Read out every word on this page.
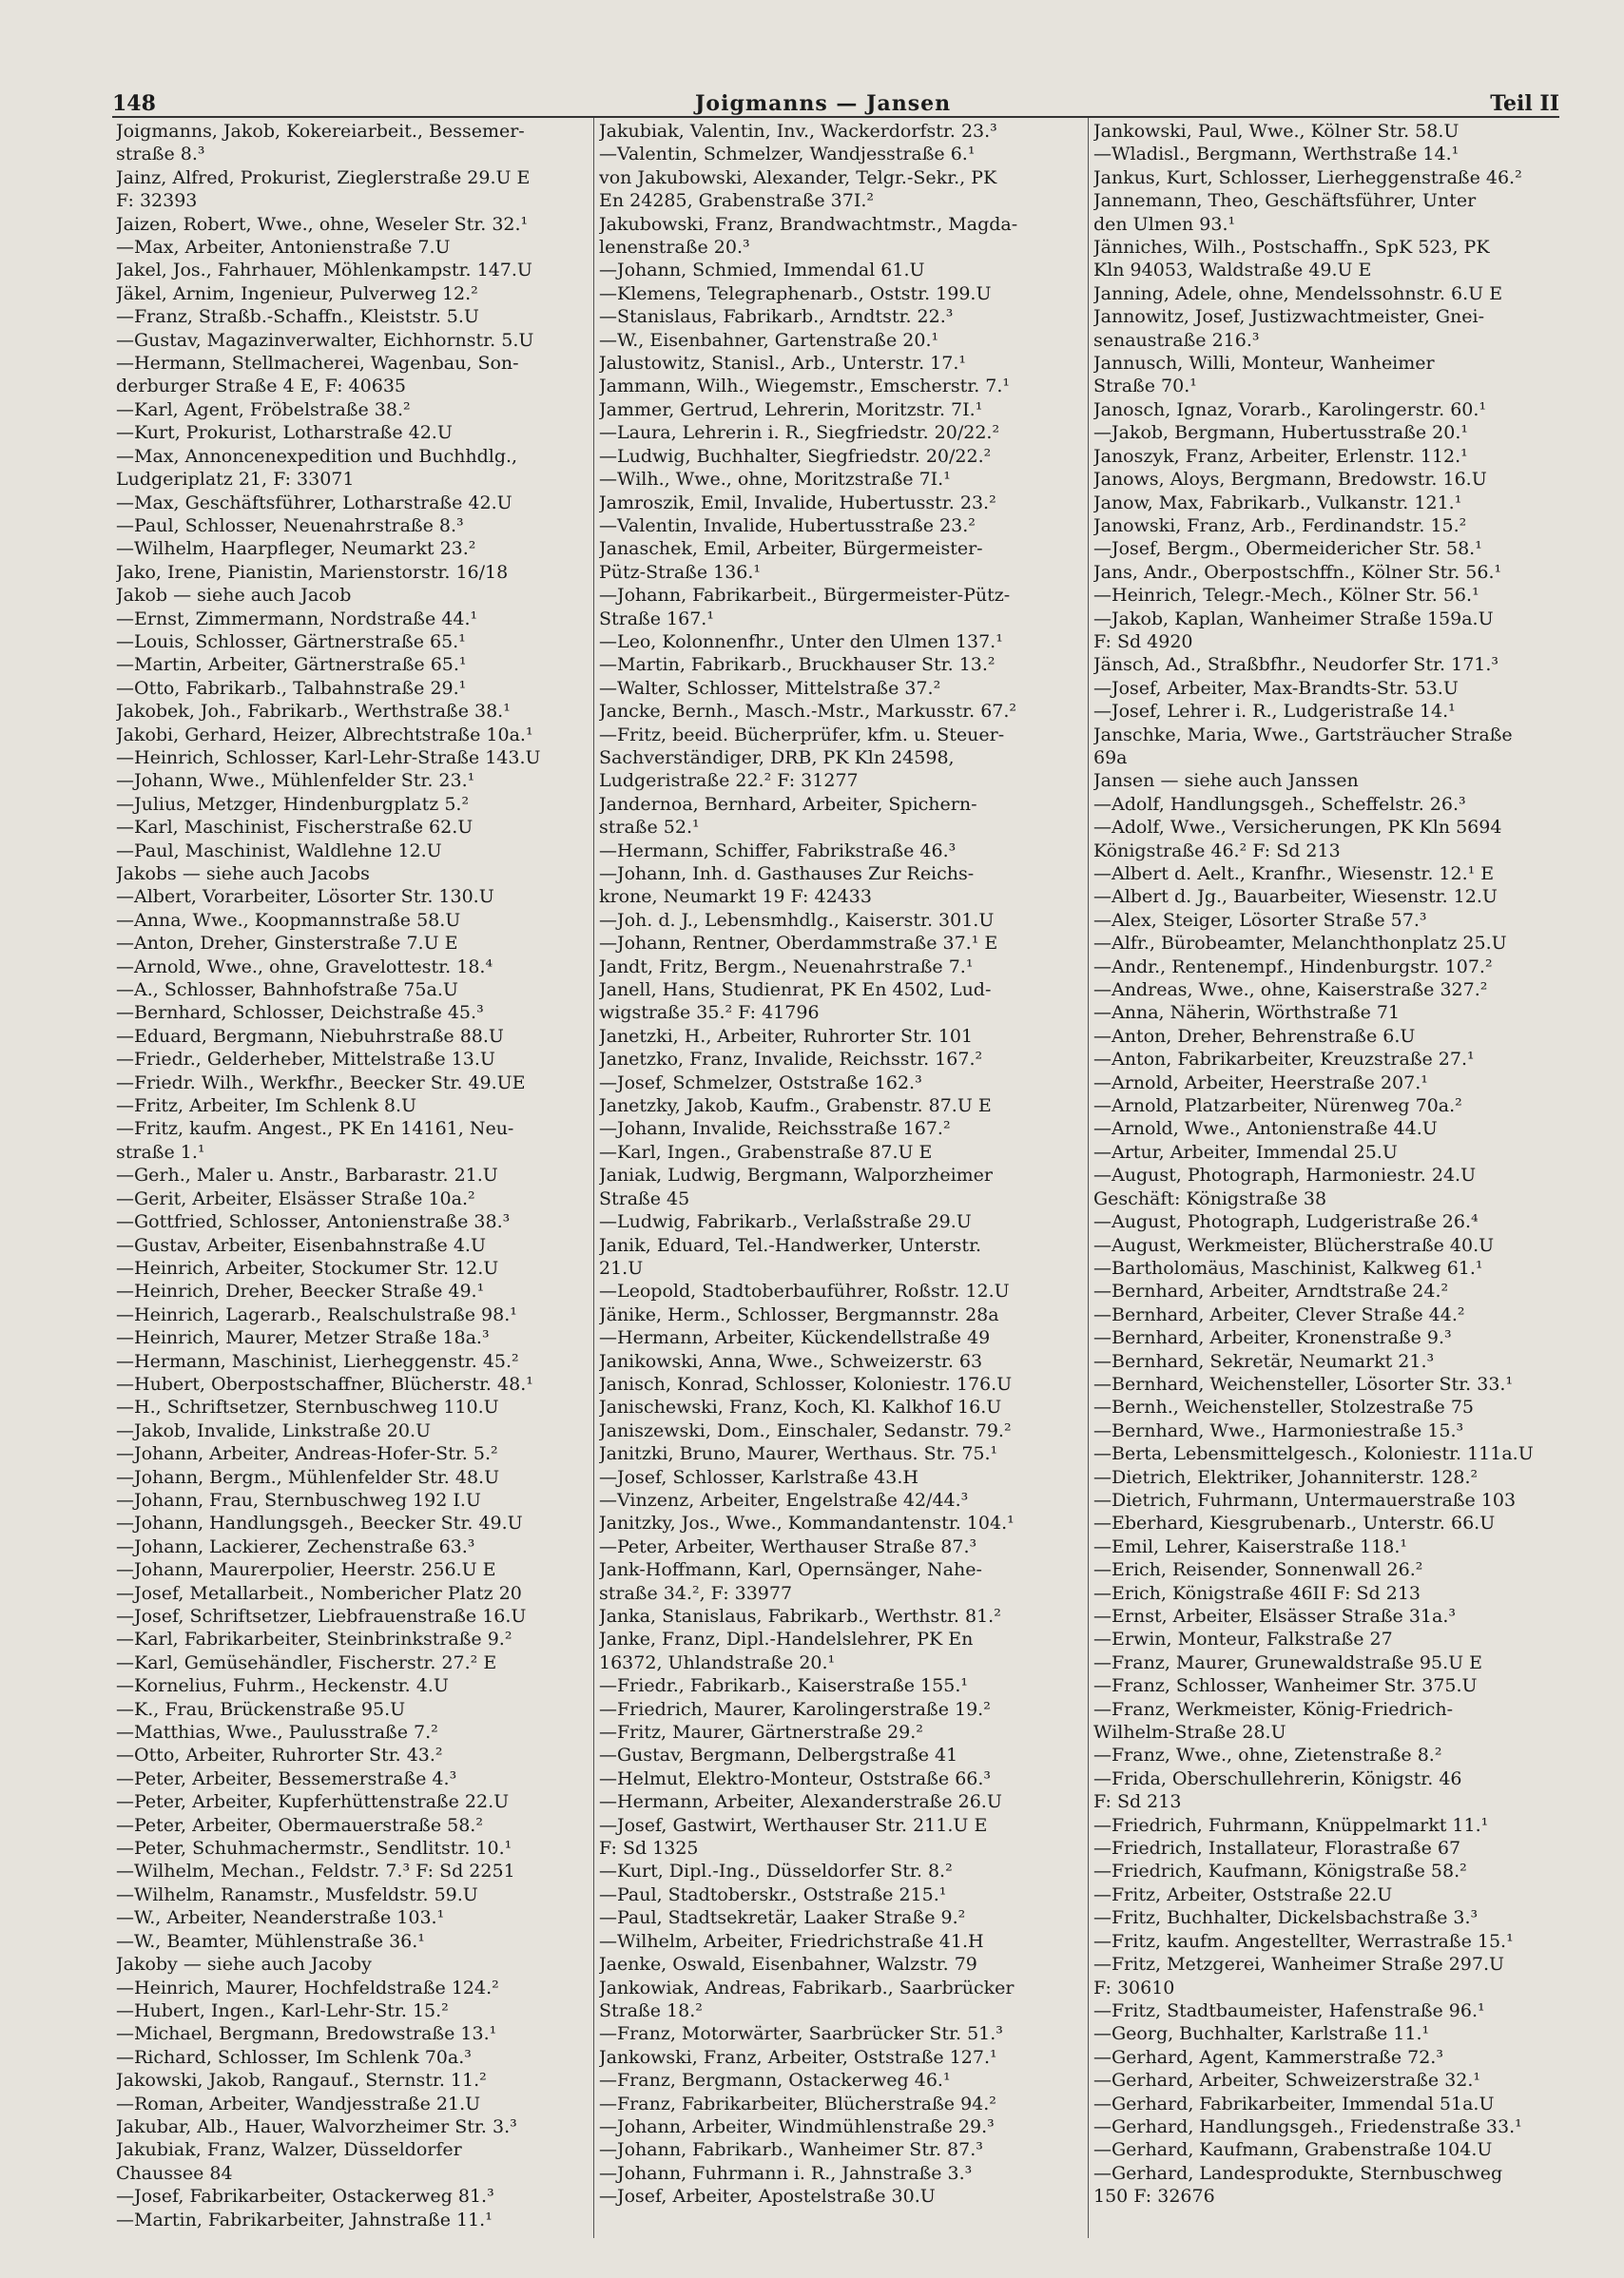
148	Joigmanns — Jansen	Teil II
Joigmanns, Jakob, Kokereiarbeit., Bessemer-
straße 8.³
Jainz, Alfred, Prokurist, Zieglerstraße 29.U E
F: 32393
Jaizen, Robert, Wwe., ohne, Weseler Str. 32.¹
—Max, Arbeiter, Antonienstraße 7.U
Jakel, Jos., Fahrhauer, Möhlenkampstr. 147.U
Jäkel, Arnim, Ingenieur, Pulverweg 12.²
—Franz, Straßb.-Schaffn., Kleiststr. 5.U
—Gustav, Magazinverwalter, Eichhornstr. 5.U
—Hermann, Stellmacherei, Wagenbau, Son-
derburger Straße 4 E, F: 40635
—Karl, Agent, Fröbelstraße 38.²
—Kurt, Prokurist, Lotharstraße 42.U
—Max, Annoncenexpedition und Buchhdlg.,
Ludgeriplatz 21, F: 33071
—Max, Geschäftsführer, Lotharstraße 42.U
—Paul, Schlosser, Neuenahrstraße 8.³
—Wilhelm, Haarpfleger, Neumarkt 23.²
Jako, Irene, Pianistin, Marienstorstr. 16/18
Jakob — siehe auch Jacob
—Ernst, Zimmermann, Nordstraße 44.¹
—Louis, Schlosser, Gärtnerstraße 65.¹
—Martin, Arbeiter, Gärtnerstraße 65.¹
—Otto, Fabrikarb., Talbahnstraße 29.¹
Jakobek, Joh., Fabrikarb., Werthstraße 38.¹
Jakobi, Gerhard, Heizer, Albrechtstraße 10a.¹
—Heinrich, Schlosser, Karl-Lehr-Straße 143.U
—Johann, Wwe., Mühlenfelder Str. 23.¹
—Julius, Metzger, Hindenburgplatz 5.²
—Karl, Maschinist, Fischerstraße 62.U
—Paul, Maschinist, Waldlehne 12.U
Jakobs — siehe auch Jacobs
—Albert, Vorarbeiter, Lösorter Str. 130.U
—Anna, Wwe., Koopmannstraße 58.U
—Anton, Dreher, Ginsterstraße 7.U E
—Arnold, Wwe., ohne, Gravelottestr. 18.⁴
—A., Schlosser, Bahnhofstraße 75a.U
—Bernhard, Schlosser, Deichstraße 45.³
—Eduard, Bergmann, Niebuhrstraße 88.U
—Friedr., Gelderheber, Mittelstraße 13.U
—Friedr. Wilh., Werkfhr., Beecker Str. 49.UE
—Fritz, Arbeiter, Im Schlenk 8.U
—Fritz, kaufm. Angest., PK En 14161, Neu-
straße 1.¹
—Gerh., Maler u. Anstr., Barbarastr. 21.U
—Gerit, Arbeiter, Elsässer Straße 10a.²
—Gottfried, Schlosser, Antonienstraße 38.³
—Gustav, Arbeiter, Eisenbahnstraße 4.U
—Heinrich, Arbeiter, Stockumer Str. 12.U
—Heinrich, Dreher, Beecker Straße 49.¹
—Heinrich, Lagerarb., Realschulstraße 98.¹
—Heinrich, Maurer, Metzer Straße 18a.³
—Hermann, Maschinist, Lierheggenstr. 45.²
—Hubert, Oberpostschaffner, Blücherstr. 48.¹
—H., Schriftsetzer, Sternbuschweg 110.U
—Jakob, Invalide, Linkstraße 20.U
—Johann, Arbeiter, Andreas-Hofer-Str. 5.²
—Johann, Bergm., Mühlenfelder Str. 48.U
—Johann, Frau, Sternbuschweg 192 I.U
—Johann, Handlungsgeh., Beecker Str. 49.U
—Johann, Lackierer, Zechenstraße 63.³
—Johann, Maurerpolier, Heerstr. 256.U E
—Josef, Metallarbeit., Nombericher Platz 20
—Josef, Schriftsetzer, Liebfrauenstraße 16.U
—Karl, Fabrikarbeiter, Steinbrinkstraße 9.²
—Karl, Gemüsehändler, Fischerstr. 27.² E
—Kornelius, Fuhrm., Heckenstr. 4.U
—K., Frau, Brückenstraße 95.U
—Matthias, Wwe., Paulusstraße 7.²
—Otto, Arbeiter, Ruhrorter Str. 43.²
—Peter, Arbeiter, Bessemerstraße 4.³
—Peter, Arbeiter, Kupferhüttenstraße 22.U
—Peter, Arbeiter, Obermauerstraße 58.²
—Peter, Schuhmachermstr., Sendlitstr. 10.¹
—Wilhelm, Mechan., Feldstr. 7.³ F: Sd 2251
—Wilhelm, Ranamstr., Musfeldstr. 59.U
—W., Arbeiter, Neanderstraße 103.¹
—W., Beamter, Mühlenstraße 36.¹
Jakoby — siehe auch Jacoby
—Heinrich, Maurer, Hochfeldstraße 124.²
—Hubert, Ingen., Karl-Lehr-Str. 15.²
—Michael, Bergmann, Bredowstraße 13.¹
—Richard, Schlosser, Im Schlenk 70a.³
Jakowski, Jakob, Rangauf., Sternstr. 11.²
—Roman, Arbeiter, Wandjesstraße 21.U
Jakubar, Alb., Hauer, Walvorzheimer Str. 3.³
Jakubiak, Franz, Walzer, Düsseldorfer
Chaussee 84
—Josef, Fabrikarbeiter, Ostackerweg 81.³
—Martin, Fabrikarbeiter, Jahnstraße 11.¹
Jakubiak, Valentin, Inv., Wackerdorfstr. 23.³
—Valentin, Schmelzer, Wandjesstraße 6.¹
von Jakubowski, Alexander, Telgr.-Sekr., PK
En 24285, Grabenstraße 37I.²
Jakubowski, Franz, Brandwachtmstr., Magda-
lenenstraße 20.³
—Johann, Schmied, Immendal 61.U
—Klemens, Telegraphenarb., Oststr. 199.U
—Stanislaus, Fabrikarb., Arndtstr. 22.³
—W., Eisenbahner, Gartenstraße 20.¹
Jalustowitz, Stanisl., Arb., Unterstr. 17.¹
Jammann, Wilh., Wiegemstr., Emscherstr. 7.¹
Jammer, Gertrud, Lehrerin, Moritzstr. 7I.¹
—Laura, Lehrerin i. R., Siegfriedstr. 20/22.²
—Ludwig, Buchhalter, Siegfriedstr. 20/22.²
—Wilh., Wwe., ohne, Moritzstraße 7I.¹
Jamroszik, Emil, Invalide, Hubertusstr. 23.²
—Valentin, Invalide, Hubertusstraße 23.²
Janaschek, Emil, Arbeiter, Bürgermeister-
Pütz-Straße 136.¹
—Johann, Fabrikarbeit., Bürgermeister-Pütz-
Straße 167.¹
—Leo, Kolonnenfhr., Unter den Ulmen 137.¹
—Martin, Fabrikarb., Bruckhauser Str. 13.²
—Walter, Schlosser, Mittelstraße 37.²
Jancke, Bernh., Masch.-Mstr., Markusstr. 67.²
—Fritz, beeid. Bücherprüfer, kfm. u. Steuer-
Sachverständiger, DRB, PK Kln 24598,
Ludgeristraße 22.² F: 31277
Jandernoa, Bernhard, Arbeiter, Spichern-
straße 52.¹
—Hermann, Schiffer, Fabrikstraße 46.³
—Johann, Inh. d. Gasthauses Zur Reichs-
krone, Neumarkt 19 F: 42433
—Joh. d. J., Lebensmhdlg., Kaiserstr. 301.U
—Johann, Rentner, Oberdammstraße 37.¹ E
Jandt, Fritz, Bergm., Neuenahrstraße 7.¹
Janell, Hans, Studienrat, PK En 4502, Lud-
wigstraße 35.² F: 41796
Janetzki, H., Arbeiter, Ruhrorter Str. 101
Janetzko, Franz, Invalide, Reichsstr. 167.²
—Josef, Schmelzer, Oststraße 162.³
Janetzky, Jakob, Kaufm., Grabenstr. 87.U E
—Johann, Invalide, Reichsstraße 167.²
—Karl, Ingen., Grabenstraße 87.U E
Janiak, Ludwig, Bergmann, Walporzheimer
Straße 45
—Ludwig, Fabrikarb., Verlaßstraße 29.U
Janik, Eduard, Tel.-Handwerker, Unterstr.
21.U
—Leopold, Stadtoberbauführer, Roßstr. 12.U
Jänike, Herm., Schlosser, Bergmannstr. 28a
—Hermann, Arbeiter, Kückendellstraße 49
Janikowski, Anna, Wwe., Schweizerstr. 63
Janisch, Konrad, Schlosser, Koloniestr. 176.U
Janischewski, Franz, Koch, Kl. Kalkhof 16.U
Janiszewski, Dom., Einschaler, Sedanstr. 79.²
Janitzki, Bruno, Maurer, Werthaus. Str. 75.¹
—Josef, Schlosser, Karlstraße 43.H
—Vinzenz, Arbeiter, Engelstraße 42/44.³
Janitzky, Jos., Wwe., Kommandantenstr. 104.¹
—Peter, Arbeiter, Werthauser Straße 87.³
Jank-Hoffmann, Karl, Opernsänger, Nahe-
straße 34.², F: 33977
Janka, Stanislaus, Fabrikarb., Werthstr. 81.²
Janke, Franz, Dipl.-Handelslehrer, PK En
16372, Uhlandstraße 20.¹
—Friedr., Fabrikarb., Kaiserstraße 155.¹
—Friedrich, Maurer, Karolingerstraße 19.²
—Fritz, Maurer, Gärtnerstraße 29.²
—Gustav, Bergmann, Delbergstraße 41
—Helmut, Elektro-Monteur, Oststraße 66.³
—Hermann, Arbeiter, Alexanderstraße 26.U
—Josef, Gastwirt, Werthauser Str. 211.U E
F: Sd 1325
—Kurt, Dipl.-Ing., Düsseldorfer Str. 8.²
—Paul, Stadtoberskr., Oststraße 215.¹
—Paul, Stadtsekretär, Laaker Straße 9.²
—Wilhelm, Arbeiter, Friedrichstraße 41.H
Jaenke, Oswald, Eisenbahner, Walzstr. 79
Jankowiak, Andreas, Fabrikarb., Saarbrücker
Straße 18.²
—Franz, Motorwärter, Saarbrücker Str. 51.³
Jankowski, Franz, Arbeiter, Oststraße 127.¹
—Franz, Bergmann, Ostackerweg 46.¹
—Franz, Fabrikarbeiter, Blücherstraße 94.²
—Johann, Arbeiter, Windmühlenstraße 29.³
—Johann, Fabrikarb., Wanheimer Str. 87.³
—Johann, Fuhrmann i. R., Jahnstraße 3.³
—Josef, Arbeiter, Apostelstraße 30.U
Jankowski, Paul, Wwe., Kölner Str. 58.U
—Wladisl., Bergmann, Werthstraße 14.¹
Jankus, Kurt, Schlosser, Lierheggenstraße 46.²
Jannemann, Theo, Geschäftsführer, Unter
den Ulmen 93.¹
Jänniches, Wilh., Postschaffn., SpK 523, PK
Kln 94053, Waldstraße 49.U E
Janning, Adele, ohne, Mendelssohnstr. 6.U E
Jannowitz, Josef, Justizwachtmeister, Gnei-
senaustraße 216.³
Jannusch, Willi, Monteur, Wanheimer
Straße 70.¹
Janosch, Ignaz, Vorarb., Karolingerstr. 60.¹
—Jakob, Bergmann, Hubertusstraße 20.¹
Janoszyk, Franz, Arbeiter, Erlenstr. 112.¹
Janows, Aloys, Bergmann, Bredowstr. 16.U
Janow, Max, Fabrikarb., Vulkanstr. 121.¹
Janowski, Franz, Arb., Ferdinandstr. 15.²
—Josef, Bergm., Obermeidericher Str. 58.¹
Jans, Andr., Oberpostschffn., Kölner Str. 56.¹
—Heinrich, Telegr.-Mech., Kölner Str. 56.¹
—Jakob, Kaplan, Wanheimer Straße 159a.U
F: Sd 4920
Jänsch, Ad., Straßbfhr., Neudorfer Str. 171.³
—Josef, Arbeiter, Max-Brandts-Str. 53.U
—Josef, Lehrer i. R., Ludgeristraße 14.¹
Janschke, Maria, Wwe., Gartsträucher Straße
69a
Jansen — siehe auch Janssen
—Adolf, Handlungsgeh., Scheffelstr. 26.³
—Adolf, Wwe., Versicherungen, PK Kln 5694
Königstraße 46.² F: Sd 213
—Albert d. Aelt., Kranfhr., Wiesenstr. 12.¹ E
—Albert d. Jg., Bauarbeiter, Wiesenstr. 12.U
—Alex, Steiger, Lösorter Straße 57.³
—Alfr., Bürobeamter, Melanchthonplatz 25.U
—Andr., Rentenempf., Hindenburgstr. 107.²
—Andreas, Wwe., ohne, Kaiserstraße 327.²
—Anna, Näherin, Wörthstraße 71
—Anton, Dreher, Behrenstraße 6.U
—Anton, Fabrikarbeiter, Kreuzstraße 27.¹
—Arnold, Arbeiter, Heerstraße 207.¹
—Arnold, Platzarbeiter, Nürenweg 70a.²
—Arnold, Wwe., Antonienstraße 44.U
—Artur, Arbeiter, Immendal 25.U
—August, Photograph, Harmoniestr. 24.U
Geschäft: Königstraße 38
—August, Photograph, Ludgeristraße 26.⁴
—August, Werkmeister, Blücherstraße 40.U
—Bartholomäus, Maschinist, Kalkweg 61.¹
—Bernhard, Arbeiter, Arndtstraße 24.²
—Bernhard, Arbeiter, Clever Straße 44.²
—Bernhard, Arbeiter, Kronenstraße 9.³
—Bernhard, Sekretär, Neumarkt 21.³
—Bernhard, Weichensteller, Lösorter Str. 33.¹
—Bernh., Weichensteller, Stolzestraße 75
—Bernhard, Wwe., Harmoniestraße 15.³
—Berta, Lebensmittelgesch., Koloniestr. 111a.U
—Dietrich, Elektriker, Johanniterstr. 128.²
—Dietrich, Fuhrmann, Untermauerstraße 103
—Eberhard, Kiesgrubenarb., Unterstr. 66.U
—Emil, Lehrer, Kaiserstraße 118.¹
—Erich, Reisender, Sonnenwall 26.²
—Erich, Königstraße 46II F: Sd 213
—Ernst, Arbeiter, Elsässer Straße 31a.³
—Erwin, Monteur, Falkstraße 27
—Franz, Maurer, Grunewaldstraße 95.U E
—Franz, Schlosser, Wanheimer Str. 375.U
—Franz, Werkmeister, König-Friedrich-
Wilhelm-Straße 28.U
—Franz, Wwe., ohne, Zietenstraße 8.²
—Frida, Oberschullehrerin, Königstr. 46
F: Sd 213
—Friedrich, Fuhrmann, Knüppelmarkt 11.¹
—Friedrich, Installateur, Florastraße 67
—Friedrich, Kaufmann, Königstraße 58.²
—Fritz, Arbeiter, Oststraße 22.U
—Fritz, Buchhalter, Dickelsbachstraße 3.³
—Fritz, kaufm. Angestellter, Werrastraße 15.¹
—Fritz, Metzgerei, Wanheimer Straße 297.U
F: 30610
—Fritz, Stadtbaumeister, Hafenstraße 96.¹
—Georg, Buchhalter, Karlstraße 11.¹
—Gerhard, Agent, Kammerstraße 72.³
—Gerhard, Arbeiter, Schweizerstraße 32.¹
—Gerhard, Fabrikarbeiter, Immendal 51a.U
—Gerhard, Handlungsgeh., Friedenstraße 33.¹
—Gerhard, Kaufmann, Grabenstraße 104.U
—Gerhard, Landesprodukte, Sternbuschweg
150 F: 32676
